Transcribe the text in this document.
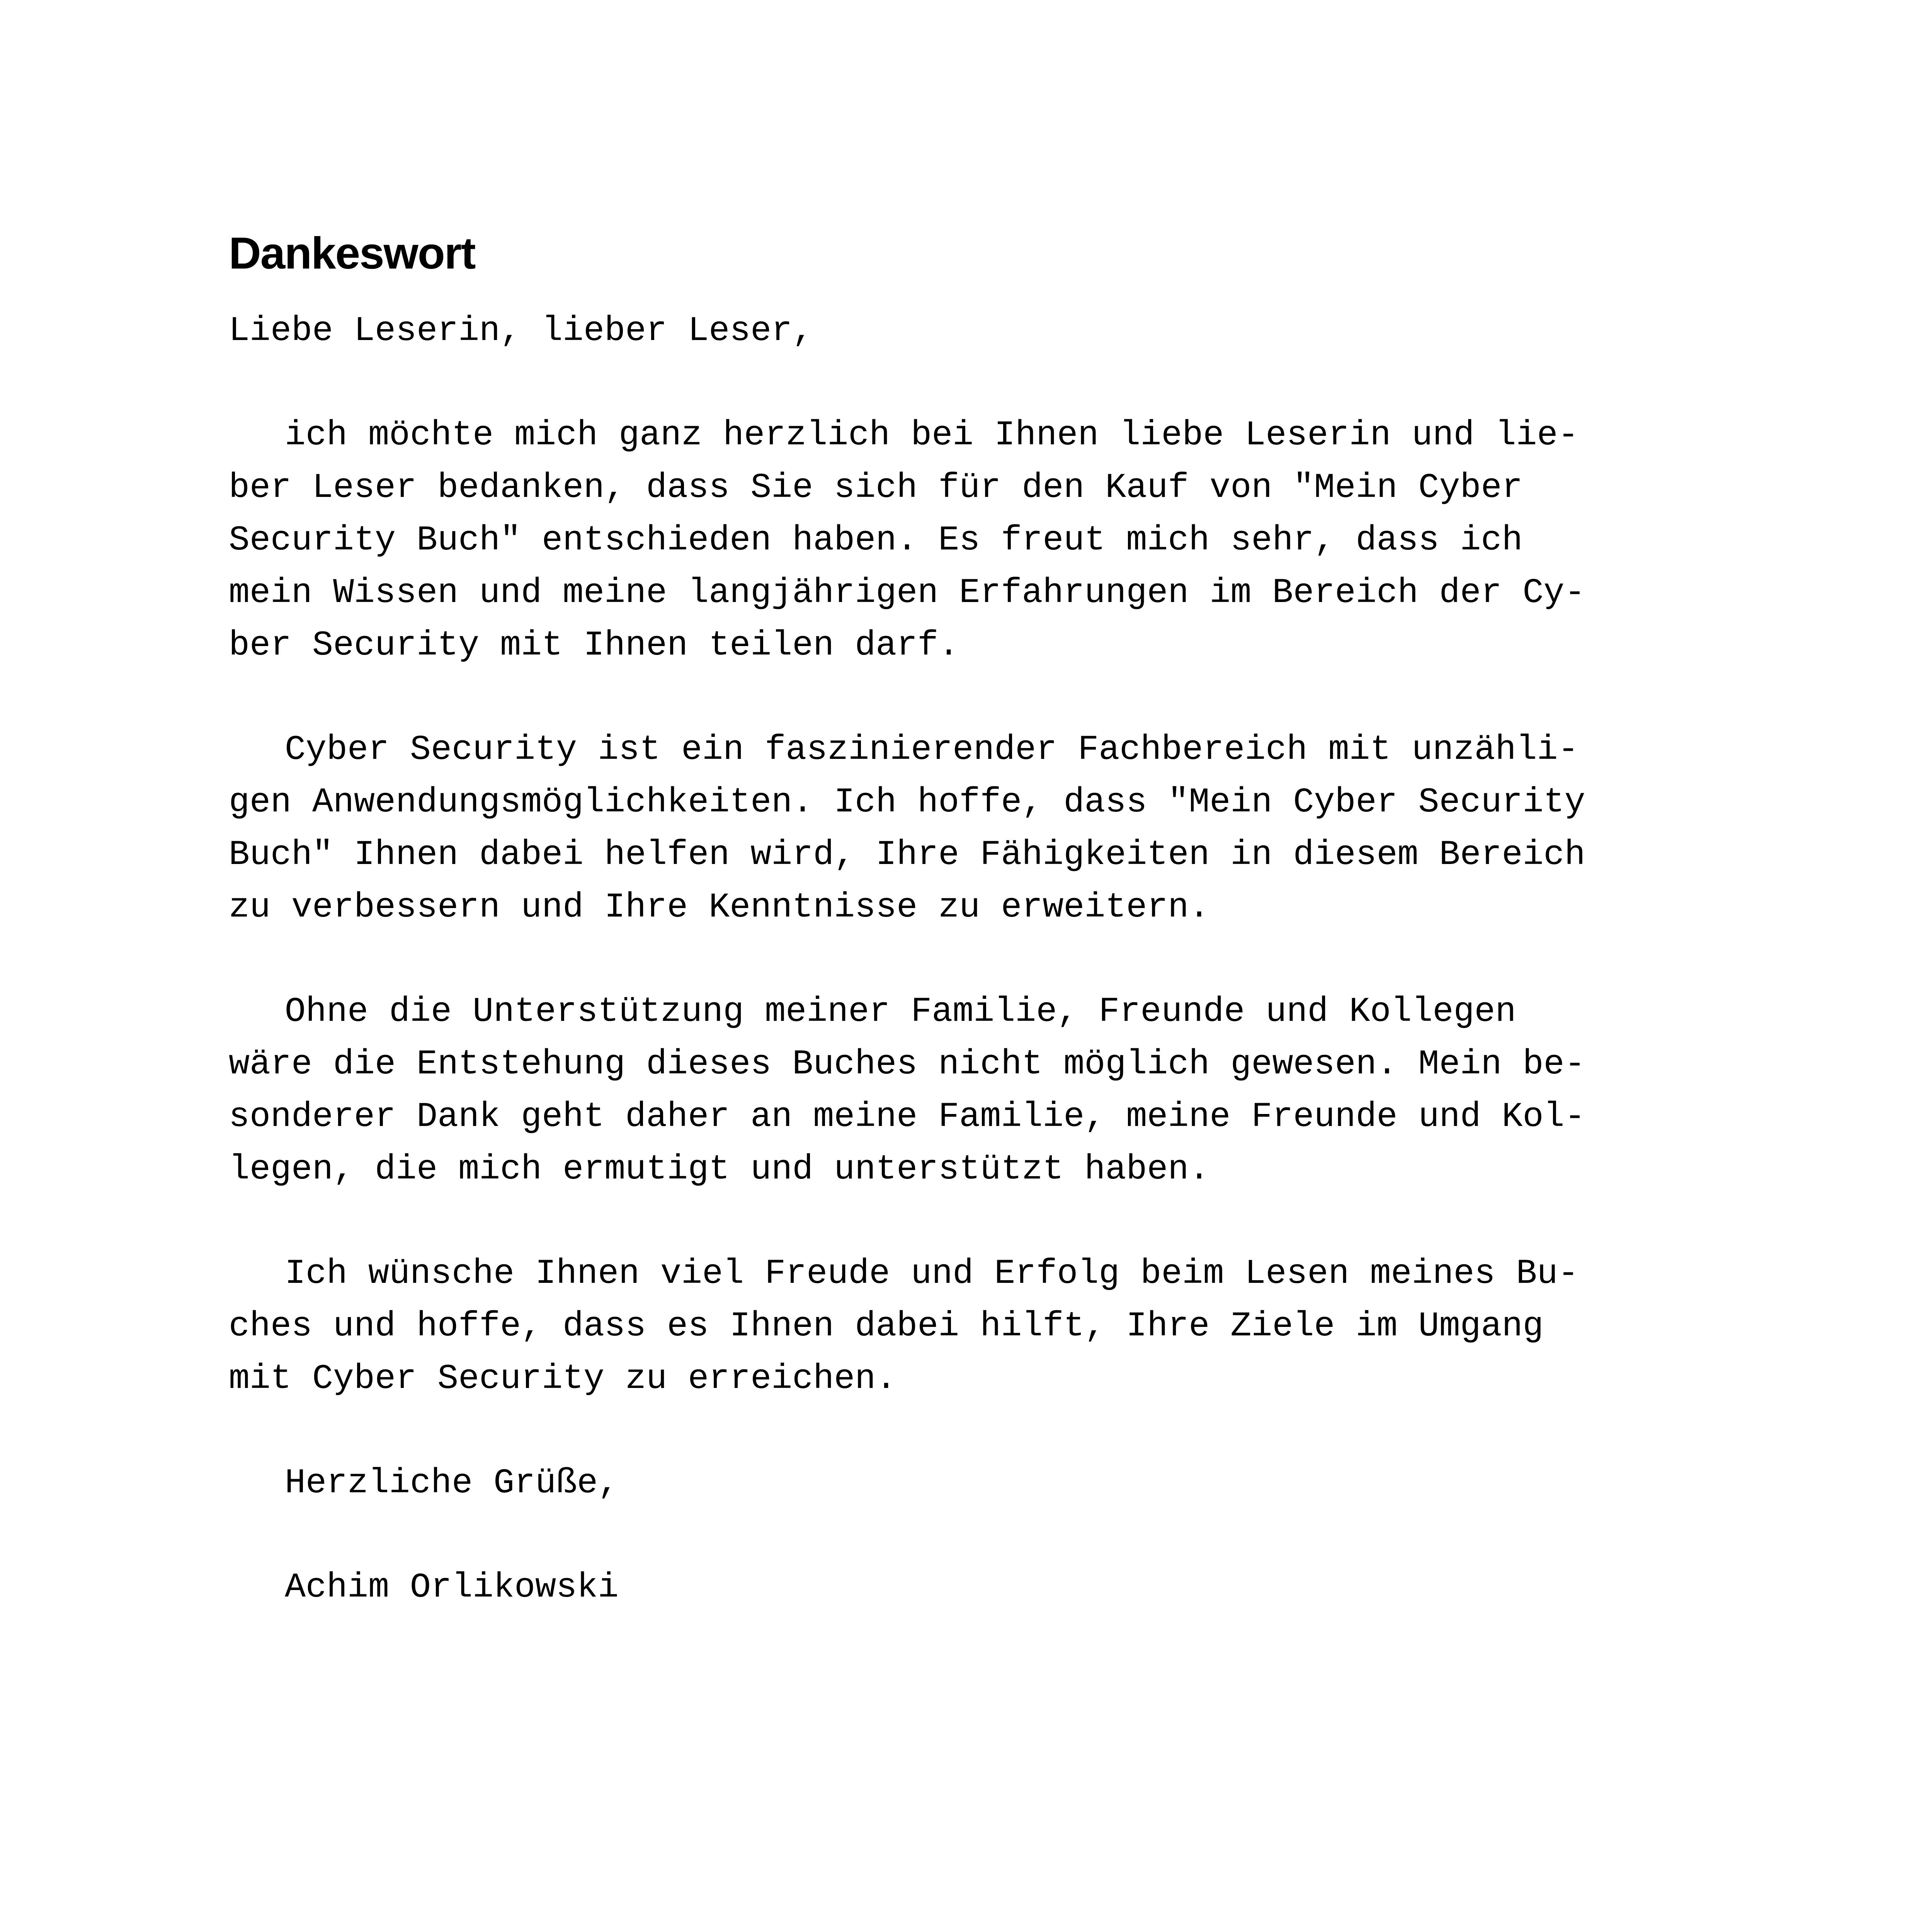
Dankeswort

Liebe Leserin, lieber Leser,

ich möchte mich ganz herzlich bei Ihnen liebe Leserin und lie-
ber Leser bedanken, dass Sie sich für den Kauf von "Mein Cyber
Security Buch" entschieden haben. Es freut mich sehr, dass ich
mein Wissen und meine langjährigen Erfahrungen im Bereich der Cy-
ber Security mit Ihnen teilen darf.
Cyber Security ist ein faszinierender Fachbereich mit unzähli-
gen Anwendungsmöglichkeiten. Ich hoffe, dass "Mein Cyber Security
Buch" Ihnen dabei helfen wird, Ihre Fähigkeiten in diesem Bereich
zu verbessern und Ihre Kenntnisse zu erweitern.
Ohne die Unterstützung meiner Familie, Freunde und Kollegen
wäre die Entstehung dieses Buches nicht möglich gewesen. Mein be-
sonderer Dank geht daher an meine Familie, meine Freunde und Kol-
legen, die mich ermutigt und unterstützt haben.
Ich wünsche Ihnen viel Freude und Erfolg beim Lesen meines Bu-
ches und hoffe, dass es Ihnen dabei hilft, Ihre Ziele im Umgang
mit Cyber Security zu erreichen.

Herzliche Grüße,

Achim Orlikowski
